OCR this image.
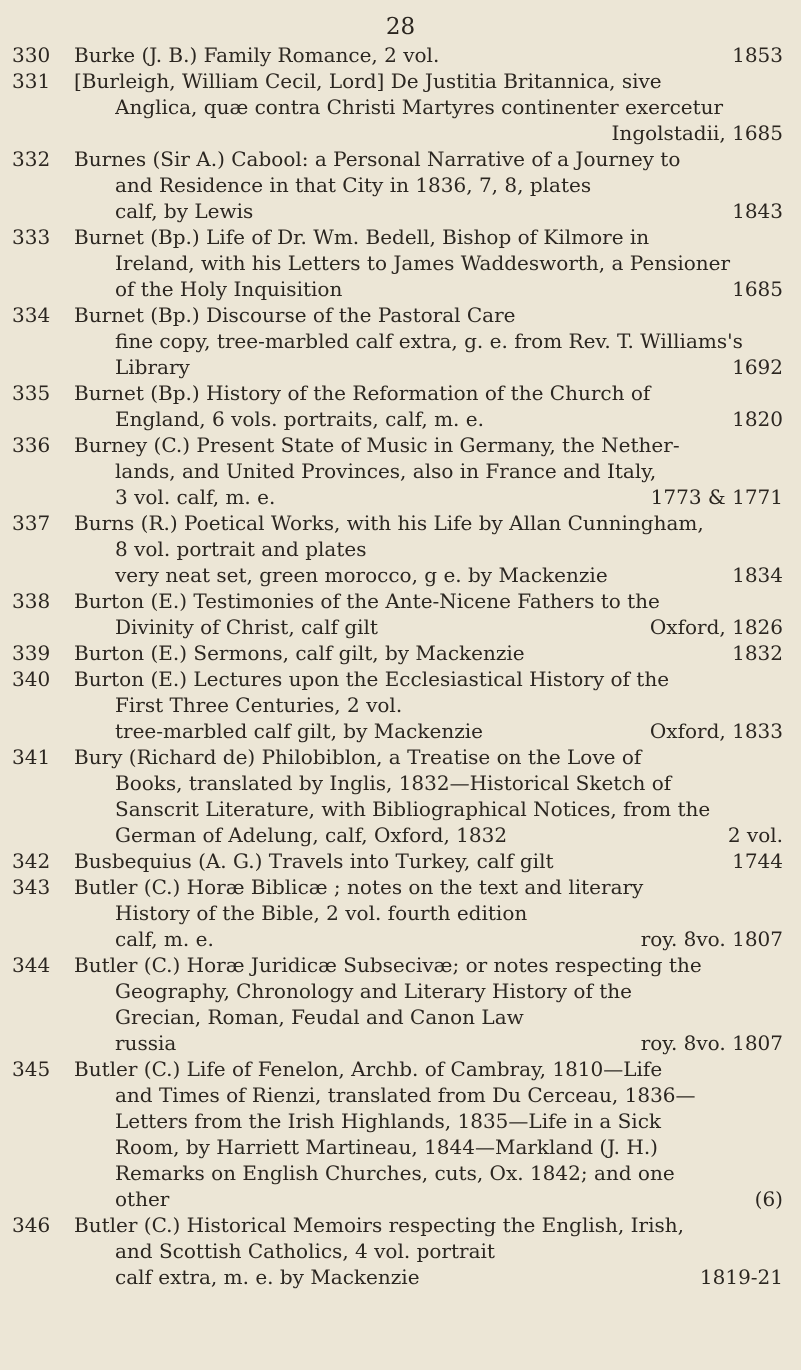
28
330	Burke (J. B.) Family Romance, 2 vol.	1853
331	[Burleigh, William Cecil, Lord] De Justitia Britannica, sive
Anglica, quæ contra Christi Martyres continenter exercetur
Ingolstadii, 1685
332	Burnes (Sir A.) Cabool: a Personal Narrative of a Journey to
and Residence in that City in 1836, 7, 8, plates
calf, by Lewis	1843
333	Burnet (Bp.) Life of Dr. Wm. Bedell, Bishop of Kilmore in
Ireland, with his Letters to James Waddesworth, a Pensioner
of the Holy Inquisition	1685
334	Burnet (Bp.) Discourse of the Pastoral Care
fine copy, tree-marbled calf extra, g. e. from Rev. T. Williams's
Library	1692
335	Burnet (Bp.) History of the Reformation of the Church of
England, 6 vols. portraits, calf, m. e.	1820
336	Burney (C.) Present State of Music in Germany, the Nether-
lands, and United Provinces, also in France and Italy,
3 vol. calf, m. e.	1773 & 1771
337	Burns (R.) Poetical Works, with his Life by Allan Cunningham,
8 vol. portrait and plates
very neat set, green morocco, g e. by Mackenzie	1834
338	Burton (E.) Testimonies of the Ante-Nicene Fathers to the
Divinity of Christ, calf gilt	Oxford, 1826
339	Burton (E.) Sermons, calf gilt, by Mackenzie	1832
340	Burton (E.) Lectures upon the Ecclesiastical History of the
First Three Centuries, 2 vol.
tree-marbled calf gilt, by Mackenzie	Oxford, 1833
341	Bury (Richard de) Philobiblon, a Treatise on the Love of
Books, translated by Inglis, 1832—Historical Sketch of
Sanscrit Literature, with Bibliographical Notices, from the
German of Adelung, calf, Oxford, 1832	2 vol.
342	Busbequius (A. G.) Travels into Turkey, calf gilt	1744
343	Butler (C.) Horæ Biblicæ ; notes on the text and literary
History of the Bible, 2 vol. fourth edition
calf, m. e.	roy. 8vo. 1807
344	Butler (C.) Horæ Juridicæ Subsecivæ; or notes respecting the
Geography, Chronology and Literary History of the
Grecian, Roman, Feudal and Canon Law
russia	roy. 8vo. 1807
345	Butler (C.) Life of Fenelon, Archb. of Cambray, 1810—Life
and Times of Rienzi, translated from Du Cerceau, 1836—
Letters from the Irish Highlands, 1835—Life in a Sick
Room, by Harriett Martineau, 1844—Markland (J. H.)
Remarks on English Churches, cuts, Ox. 1842; and one
other	(6)
346	Butler (C.) Historical Memoirs respecting the English, Irish,
and Scottish Catholics, 4 vol. portrait
calf extra, m. e. by Mackenzie	1819-21
